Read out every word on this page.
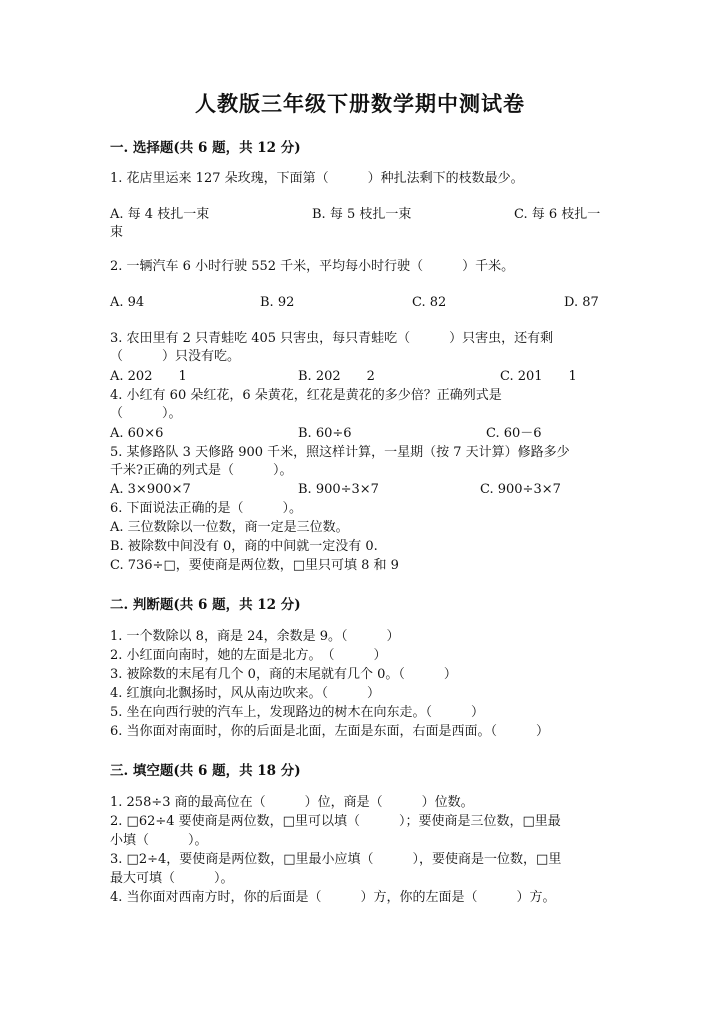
人教版三年级下册数学期中测试卷
一. 选择题(共 6 题，共 12 分)
1. 花店里运来 127 朵玫瑰，下面第（　　　）种扎法剩下的枝数最少。
A. 每 4 枝扎一束	B. 每 5 枝扎一束	C. 每 6 枝扎一
束
2. 一辆汽车 6 小时行驶 552 千米，平均每小时行驶（　　　）千米。
A. 94	B. 92	C. 82	D. 87
3. 农田里有 2 只青蛙吃 405 只害虫，每只青蛙吃（　　　）只害虫，还有剩
（　　　）只没有吃。
A. 202　　1	B. 202　　2	C. 201　　1
4. 小红有 60 朵红花，6 朵黄花，红花是黄花的多少倍？正确列式是
（　　　）。
A. 60×6	B. 60÷6	C. 60－6
5. 某修路队 3 天修路 900 千米，照这样计算，一星期（按 7 天计算）修路多少
千米?正确的列式是（　　　）。
A. 3×900×7	B. 900÷3×7	C. 900÷3×7
6. 下面说法正确的是（　　　）。
A. 三位数除以一位数，商一定是三位数。
B. 被除数中间没有 0，商的中间就一定没有 0.
C. 736÷□，要使商是两位数，□里只可填 8 和 9
二. 判断题(共 6 题，共 12 分)
1. 一个数除以 8，商是 24，余数是 9。（　　　）
2. 小红面向南时，她的左面是北方。　（　　　）
3. 被除数的末尾有几个 0，商的末尾就有几个 0。（　　　）
4. 红旗向北飘扬时，风从南边吹来。（　　　）
5. 坐在向西行驶的汽车上，发现路边的树木在向东走。（　　　）
6. 当你面对南面时，你的后面是北面，左面是东面，右面是西面。（　　　）
三. 填空题(共 6 题，共 18 分)
1. 258÷3 商的最高位在（　　　）位，商是（　　　）位数。
2. □62÷4 要使商是两位数，□里可以填（　　　）；要使商是三位数，□里最
小填（　　　）。
3. □2÷4，要使商是两位数，□里最小应填（　　　），要使商是一位数，□里
最大可填（　　　）。
4. 当你面对西南方时，你的后面是（　　　）方，你的左面是（　　　）方。
